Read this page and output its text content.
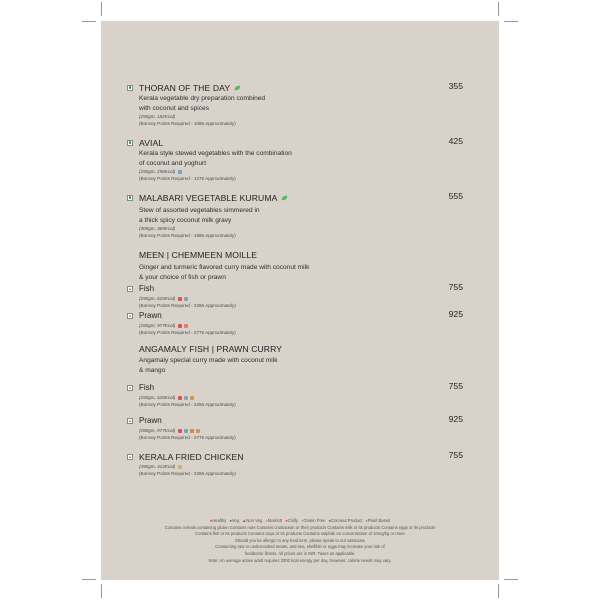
THORAN OF THE DAY	355
Kerala vegetable dry preparation combined
with coconut and spices
(250gm, 182Kcal)
(Bonvoy Points Required - 1065 Approximately)
AVIAL	425
Kerala style stewed vegetables with the combination
of coconut and yoghurt
(250gm, 296Kcal)
(Bonvoy Points Required - 1275 Approximately)
MALABARI VEGETABLE KURUMA	555
Stew of assorted vegetables simmered in
a thick spicy coconut milk gravy
(300gm, 389Kcal)
(Bonvoy Points Required - 1665 Approximately)
MEEN | CHEMMEEN MOILLE
Ginger and turmeric flavored curry made with coconut milk
& your choice of fish or prawn
Fish	755
(250gm, 626Kcal)
(Bonvoy Points Required - 2265 Approximately)
Prawn	925
(280gm, 977Kcal)
(Bonvoy Points Required - 2775 Approximately)
ANGAMALY FISH | PRAWN CURRY
Angamaly special curry made with coconut milk
& mango
Fish	755
(250gm, 626Kcal)
(Bonvoy Points Required - 2266 Approximately)
Prawn	925
(280gm, 977Kcal)
(Bonvoy Points Required - 2775 Approximately)
KERALA FRIED CHICKEN	755
(350gm, 412Kcal)
(Bonvoy Points Required - 2266 Approximately)
●Healthy ●Veg ▲Non Veg ●Marriott ●Chilly ●Gluten Free ●Coconut Product ●Plant Based
Contains cereals containing gluten Contains nuts Contains crustacean or their products Contains milk or its products Contains eggs or its products
Contains fish or its products Contains soya or its products Contains sulphite on concentration of 10mg/kg or more
Should you be allergic to any food item, please speak to our associate
Consuming raw or undercooked meats, and sea, shellfish or eggs may increase your risk of
foodborne illness. All prices are in INR. Taxes as applicable.
Note: An average active adult requires 2000 kcal energy per day, however, calorie needs may vary.
